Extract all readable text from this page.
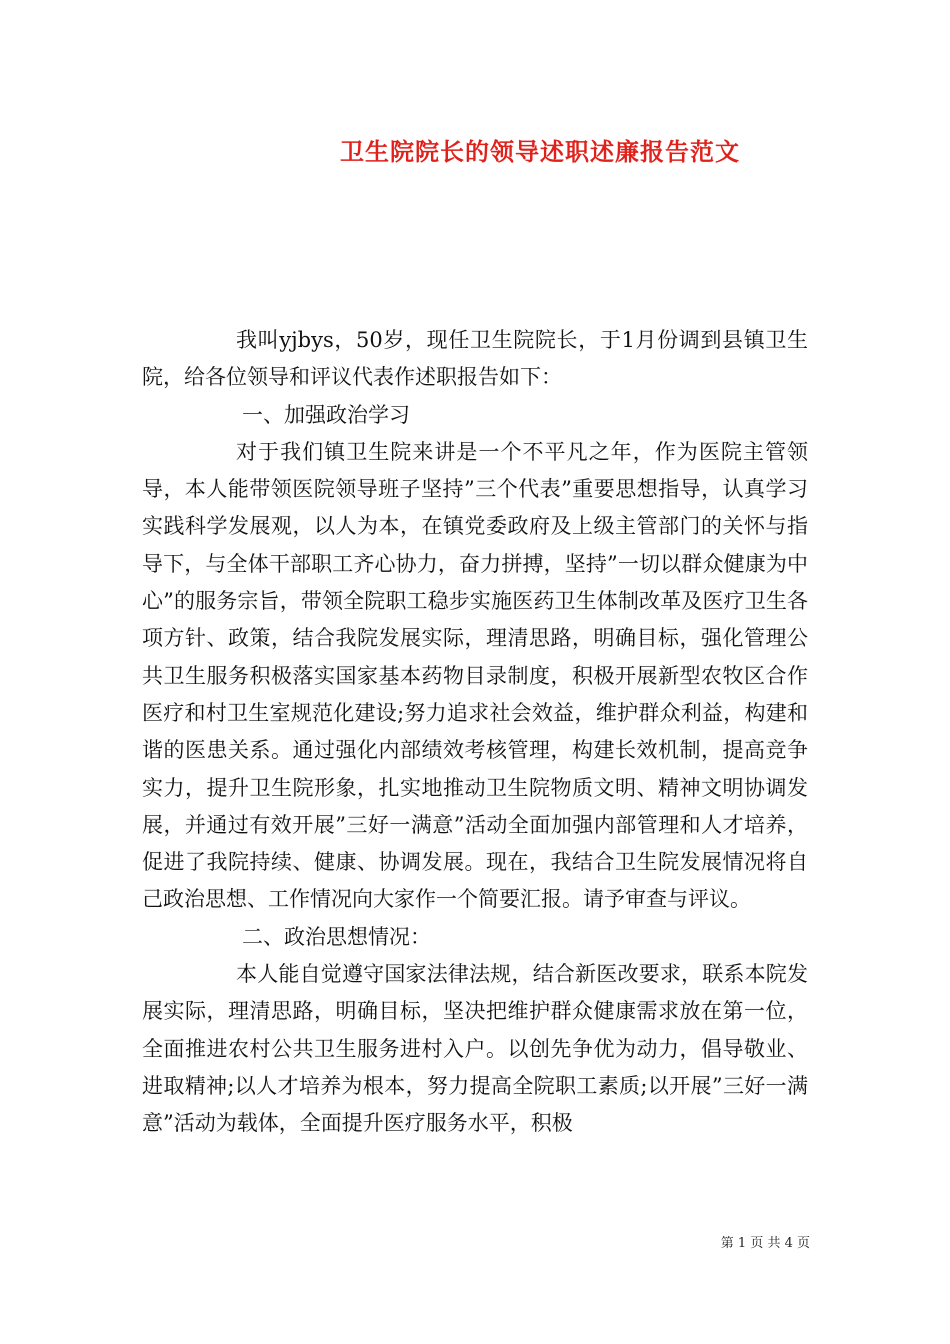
卫生院院长的领导述职述廉报告范文

我叫yjbys，50岁，现任卫生院院长，于1月份调到县镇卫生院，给各位领导和评议代表作述职报告如下：

一、加强政治学习

对于我们镇卫生院来讲是一个不平凡之年，作为医院主管领导，本人能带领医院领导班子坚持”三个代表”重要思想指导，认真学习实践科学发展观，以人为本，在镇党委政府及上级主管部门的关怀与指导下，与全体干部职工齐心协力，奋力拼搏，坚持”一切以群众健康为中心”的服务宗旨，带领全院职工稳步实施医药卫生体制改革及医疗卫生各项方针、政策，结合我院发展实际，理清思路，明确目标，强化管理公共卫生服务积极落实国家基本药物目录制度，积极开展新型农牧区合作医疗和村卫生室规范化建设;努力追求社会效益，维护群众利益，构建和谐的医患关系。通过强化内部绩效考核管理，构建长效机制，提高竞争实力，提升卫生院形象，扎实地推动卫生院物质文明、精神文明协调发展，并通过有效开展”三好一满意”活动全面加强内部管理和人才培养，促进了我院持续、健康、协调发展。现在，我结合卫生院发展情况将自己政治思想、工作情况向大家作一个简要汇报。请予审查与评议。

二、政治思想情况：

本人能自觉遵守国家法律法规，结合新医改要求，联系本院发展实际，理清思路，明确目标，坚决把维护群众健康需求放在第一位，全面推进农村公共卫生服务进村入户。以创先争优为动力，倡导敬业、进取精神;以人才培养为根本，努力提高全院职工素质;以开展”三好一满意”活动为载体，全面提升医疗服务水平，积极

第 1 页 共 4 页
